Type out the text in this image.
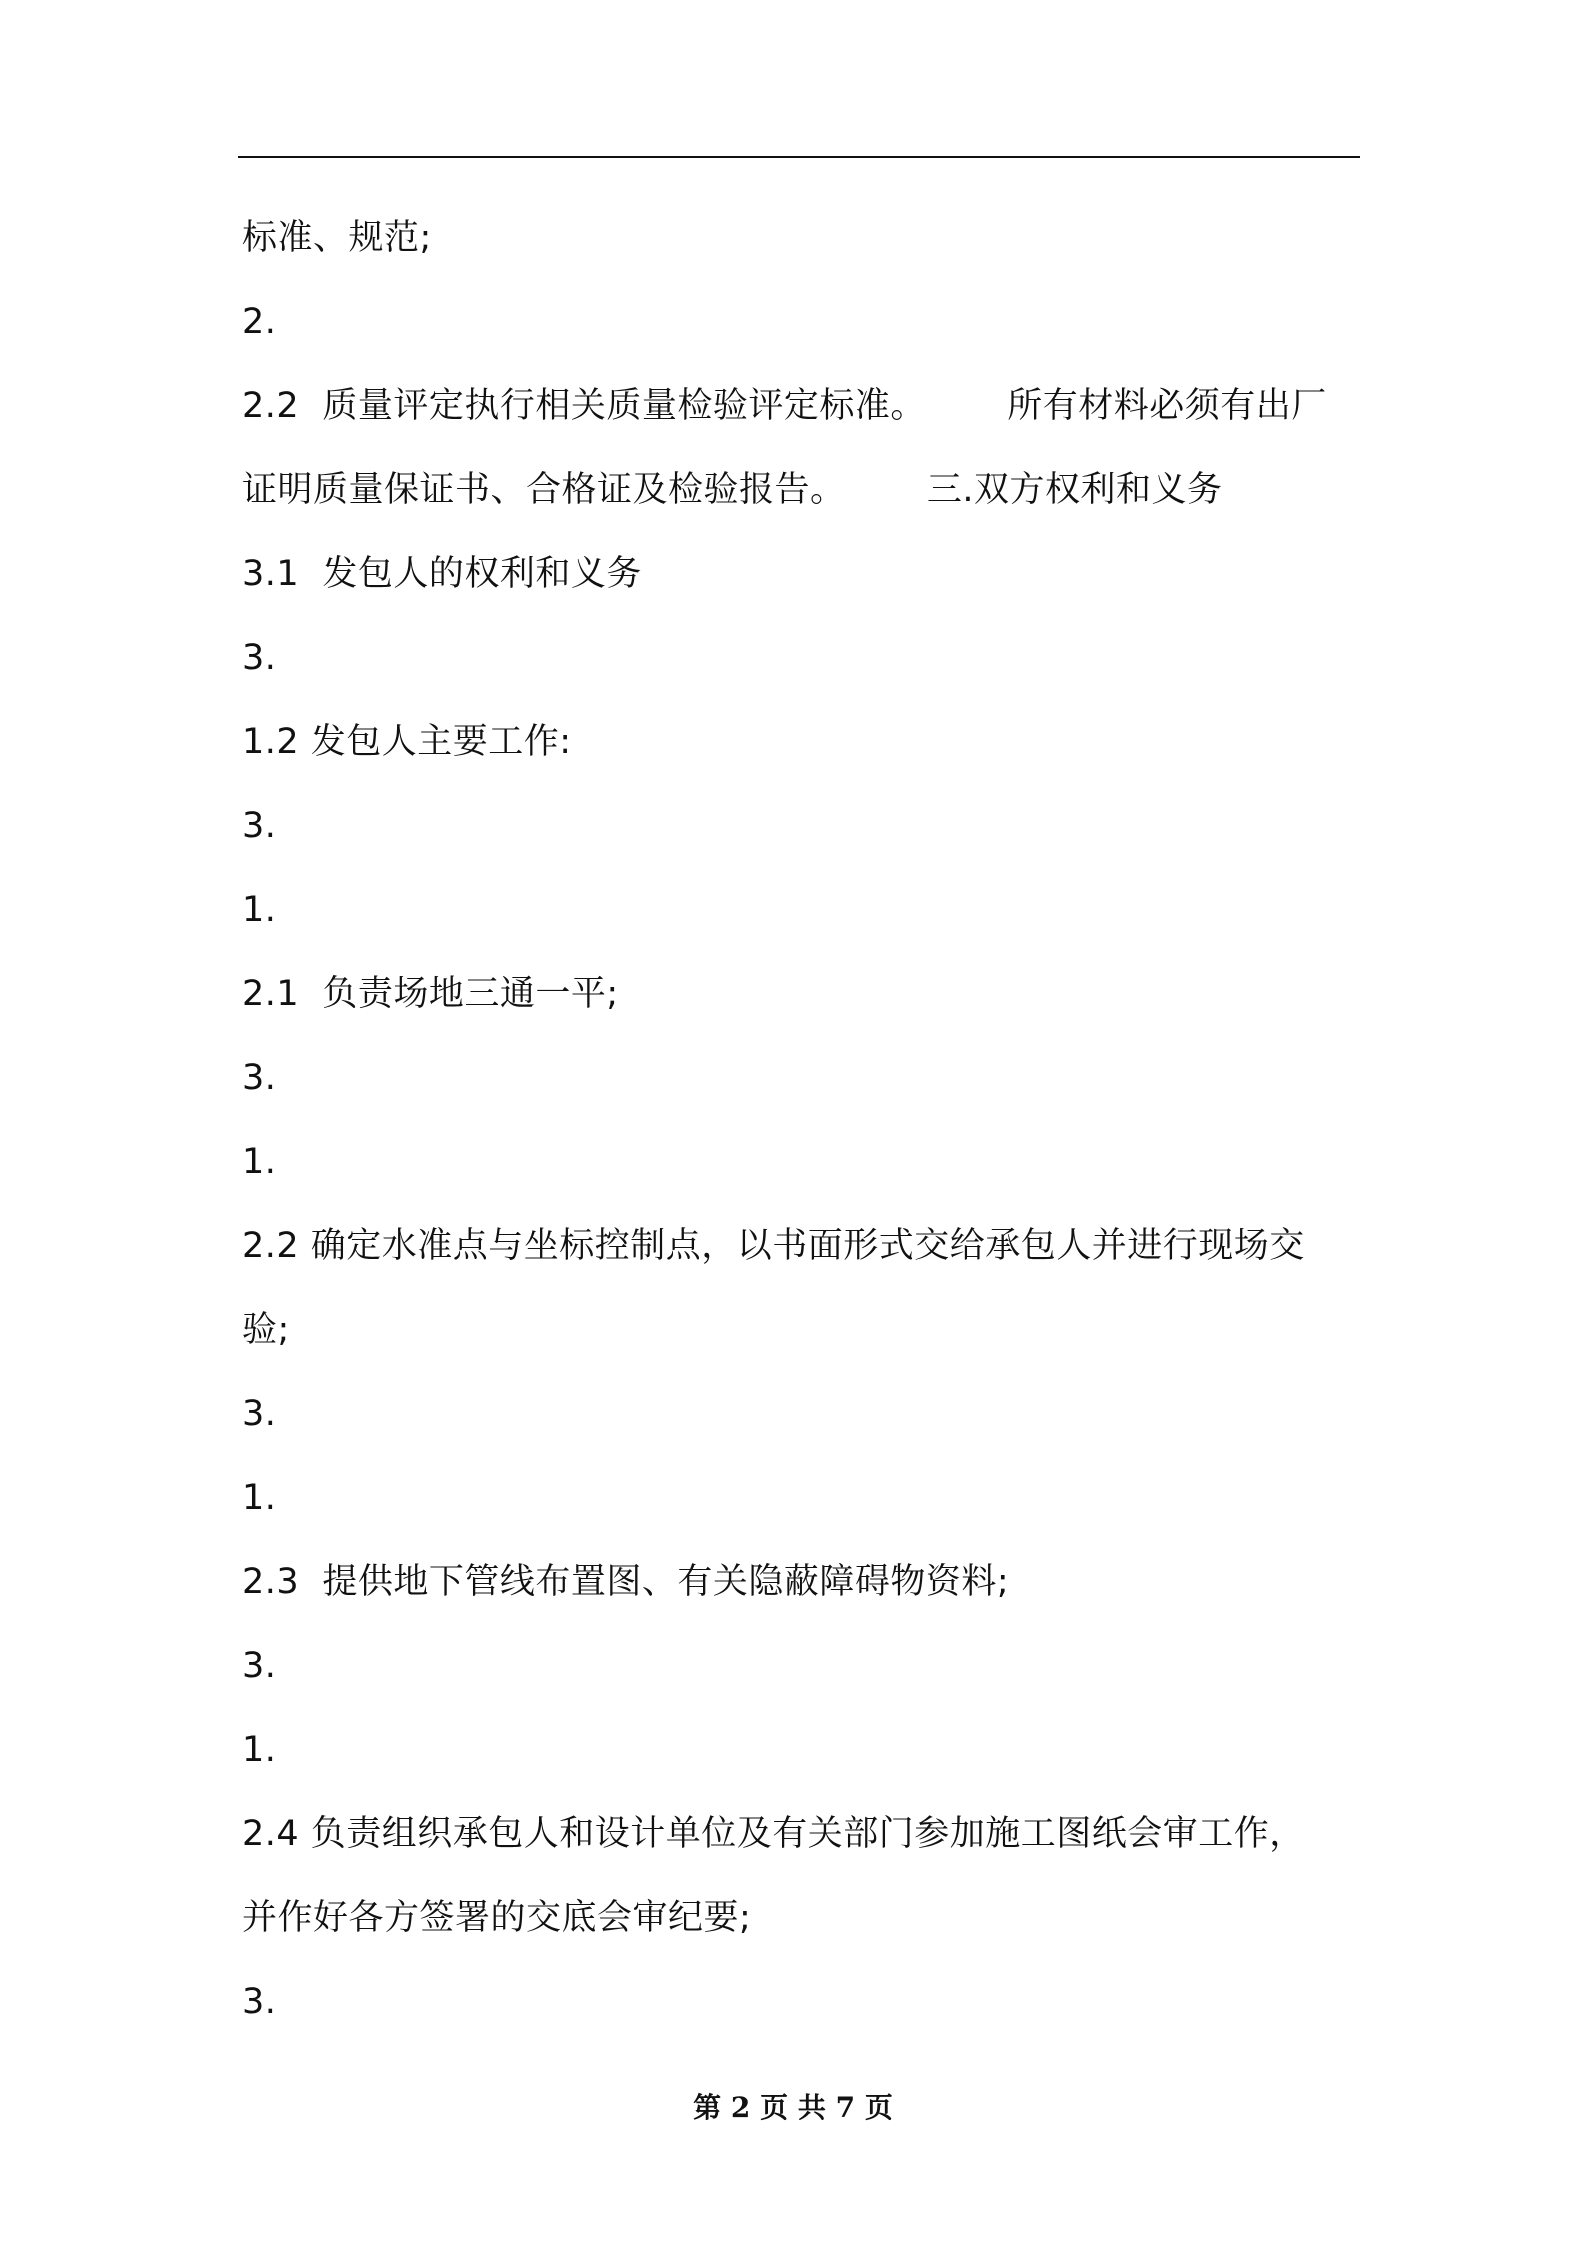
标准、规范;

2.

2.2  质量评定执行相关质量检验评定标准。       所有材料必须有出厂

证明质量保证书、合格证及检验报告。       三.双方权利和义务

3.1  发包人的权利和义务

3.

1.2 发包人主要工作:

3.

1.

2.1  负责场地三通一平;

3.

1.

2.2 确定水准点与坐标控制点，以书面形式交给承包人并进行现场交

验;

3.

1.

2.3  提供地下管线布置图、有关隐蔽障碍物资料;

3.

1.

2.4 负责组织承包人和设计单位及有关部门参加施工图纸会审工作，

并作好各方签署的交底会审纪要;

3.

第 2 页 共 7 页
